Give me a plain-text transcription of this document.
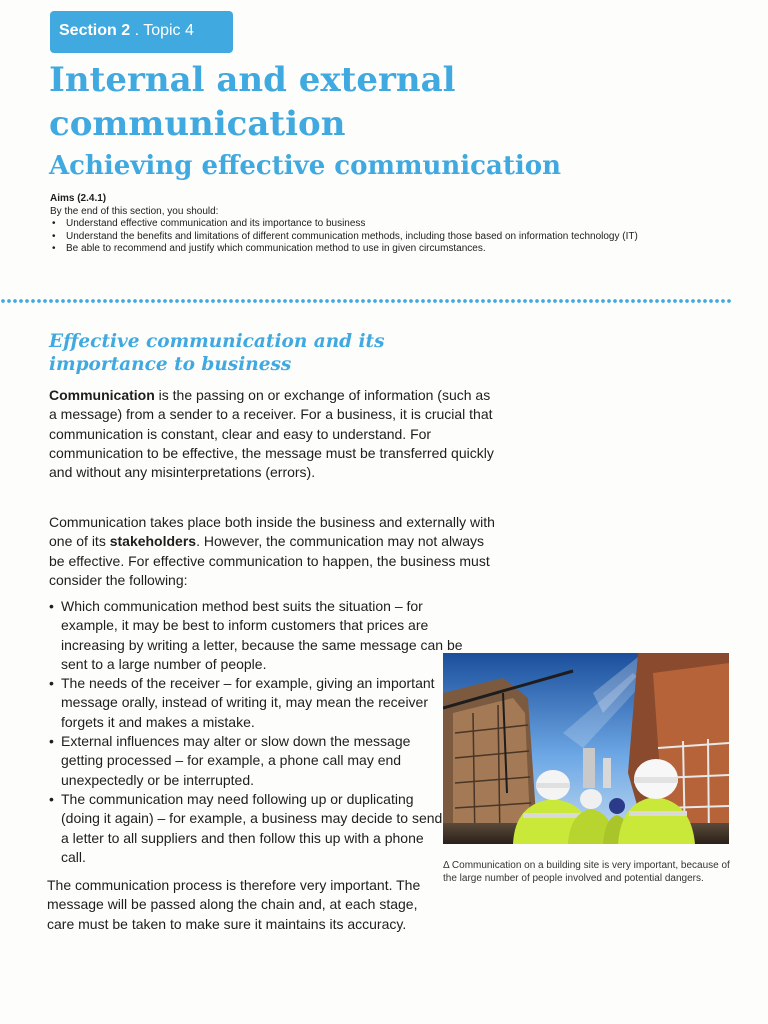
Section 2 . Topic 4
Internal and external communication
Achieving effective communication
Aims (2.4.1)
By the end of this section, you should:
• Understand effective communication and its importance to business
• Understand the benefits and limitations of different communication methods, including those based on information technology (IT)
• Be able to recommend and justify which communication method to use in given circumstances.
Effective communication and its importance to business

Communication is the passing on or exchange of information (such as a message) from a sender to a receiver. For a business, it is crucial that communication is constant, clear and easy to understand. For communication to be effective, the message must be transferred quickly and without any misinterpretations (errors).

Communication takes place both inside the business and externally with one of its stakeholders. However, the communication may not always be effective. For effective communication to happen, the business must consider the following:

• Which communication method best suits the situation – for example, it may be best to inform customers that prices are increasing by writing a letter, because the same message can be sent to a large number of people.
• The needs of the receiver – for example, giving an important message orally, instead of writing it, may mean the receiver forgets it and makes a mistake.
• External influences may alter or slow down the message getting processed – for example, a phone call may end unexpectedly or be interrupted.
• The communication may need following up or duplicating (doing it again) – for example, a business may decide to send a letter to all suppliers and then follow this up with a phone call.

The communication process is therefore very important. The message will be passed along the chain and, at each stage, care must be taken to make sure it maintains its accuracy.

Δ Communication on a building site is very important, because of the large number of people involved and potential dangers.
